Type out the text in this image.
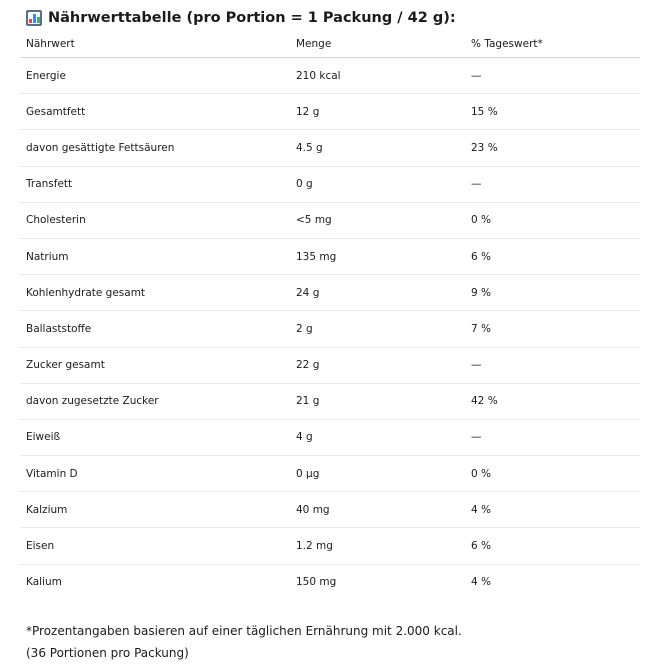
Nährwerttabelle (pro Portion = 1 Packung / 42 g):
Nährwert	Menge	% Tageswert*
Energie	210 kcal	—
Gesamtfett	12 g	15 %
davon gesättigte Fettsäuren	4.5 g	23 %
Transfett	0 g	—
Cholesterin	<5 mg	0 %
Natrium	135 mg	6 %
Kohlenhydrate gesamt	24 g	9 %
Ballaststoffe	2 g	7 %
Zucker gesamt	22 g	—
davon zugesetzte Zucker	21 g	42 %
Eiweiß	4 g	—
Vitamin D	0 µg	0 %
Kalzium	40 mg	4 %
Eisen	1.2 mg	6 %
Kalium	150 mg	4 %
*Prozentangaben basieren auf einer täglichen Ernährung mit 2.000 kcal.
(36 Portionen pro Packung)
